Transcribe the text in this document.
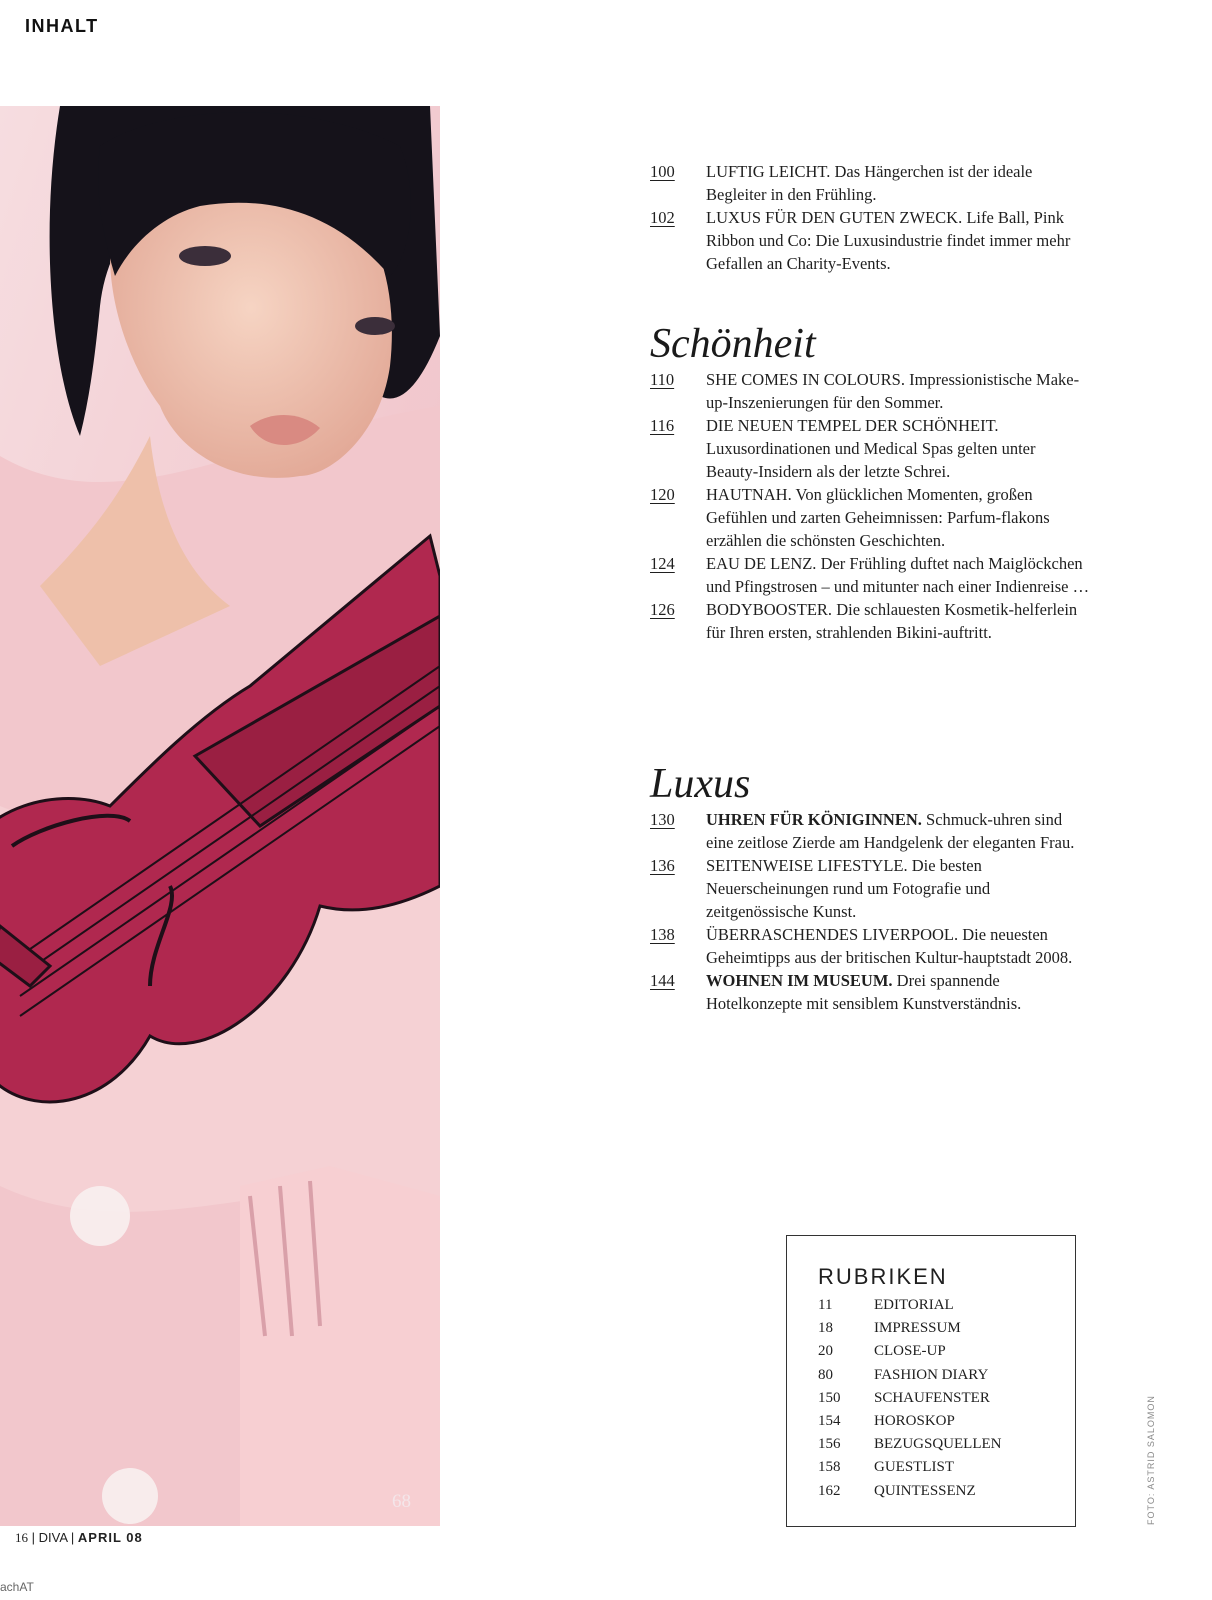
INHALT
68
100	LUFTIG LEICHT. Das Hängerchen ist der ideale Begleiter in den Frühling.
102	LUXUS FÜR DEN GUTEN ZWECK. Life Ball, Pink Ribbon und Co: Die Luxusindustrie findet immer mehr Gefallen an Charity-Events.
Schönheit
110	SHE COMES IN COLOURS. Impressionistische Make-up-Inszenierungen für den Sommer.
116	DIE NEUEN TEMPEL DER SCHÖNHEIT. Luxusordinationen und Medical Spas gelten unter Beauty-Insidern als der letzte Schrei.
120	HAUTNAH. Von glücklichen Momenten, großen Gefühlen und zarten Geheimnissen: Parfum-flakons erzählen die schönsten Geschichten.
124	EAU DE LENZ. Der Frühling duftet nach Maiglöckchen und Pfingstrosen – und mitunter nach einer Indienreise …
126	BODYBOOSTER. Die schlauesten Kosmetik-helferlein für Ihren ersten, strahlenden Bikini-auftritt.
Luxus
130	UHREN FÜR KÖNIGINNEN. Schmuck-uhren sind eine zeitlose Zierde am Handgelenk der eleganten Frau.
136	SEITENWEISE LIFESTYLE. Die besten Neuerscheinungen rund um Fotografie und zeitgenössische Kunst.
138	ÜBERRASCHENDES LIVERPOOL. Die neuesten Geheimtipps aus der britischen Kultur-hauptstadt 2008.
144	WOHNEN IM MUSEUM. Drei spannende Hotelkonzepte mit sensiblem Kunstverständnis.
RUBRIKEN
11	EDITORIAL
18	IMPRESSUM
20	CLOSE-UP
80	FASHION DIARY
150	SCHAUFENSTER
154	HOROSKOP
156	BEZUGSQUELLEN
158	GUESTLIST
162	QUINTESSENZ	FOTO: ASTRID SALOMON
16 | DIVA | APRIL 08
achAT
